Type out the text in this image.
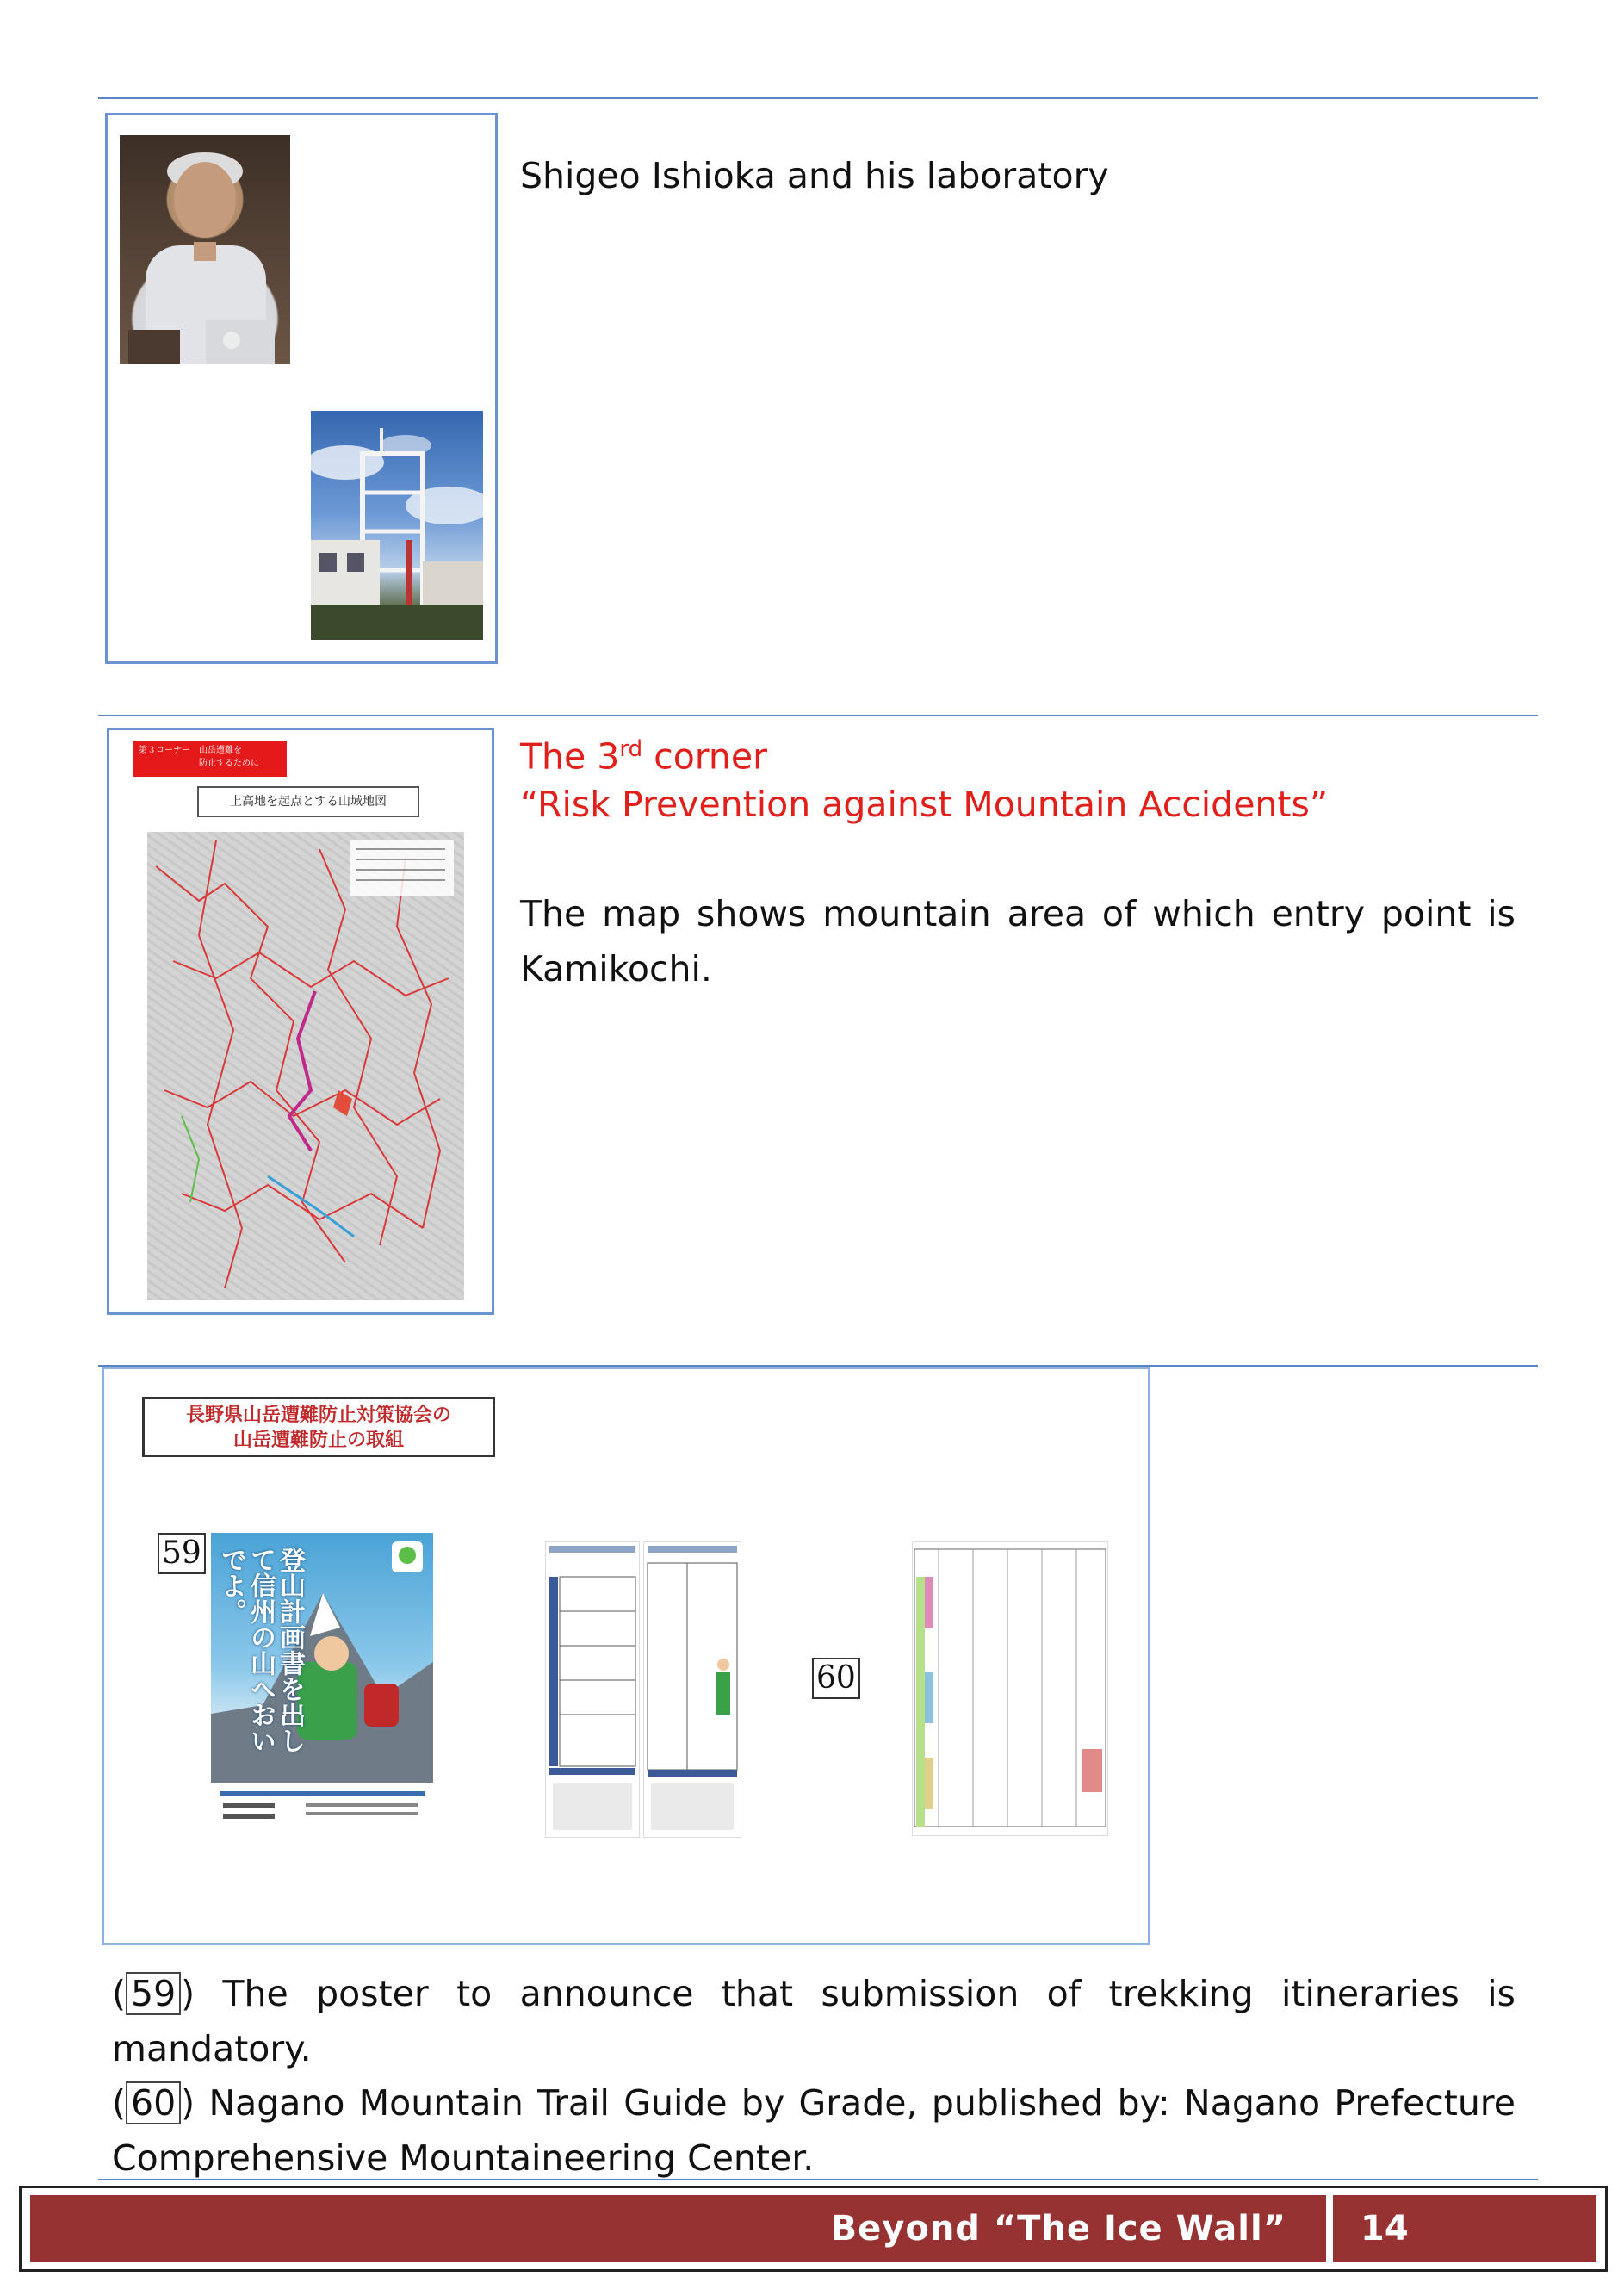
Shigeo Ishioka and his laboratory
第３コーナー　山岳遭難を
　　　　　　　防止するために
上高地を起点とする山域地図
The 3rd corner
“Risk Prevention against Mountain Accidents”
The map shows mountain area of which entry point is Kamikochi.
長野県山岳遭難防止対策協会の
山岳遭難防止の取組
59	登山計画書を出して信州の山へおいでよ。
60
( 59 ) The poster to announce that submission of trekking itineraries is mandatory.
( 60 ) Nagano Mountain Trail Guide by Grade, published by: Nagano Prefecture Comprehensive Mountaineering Center.
Beyond “The Ice Wall” 14
